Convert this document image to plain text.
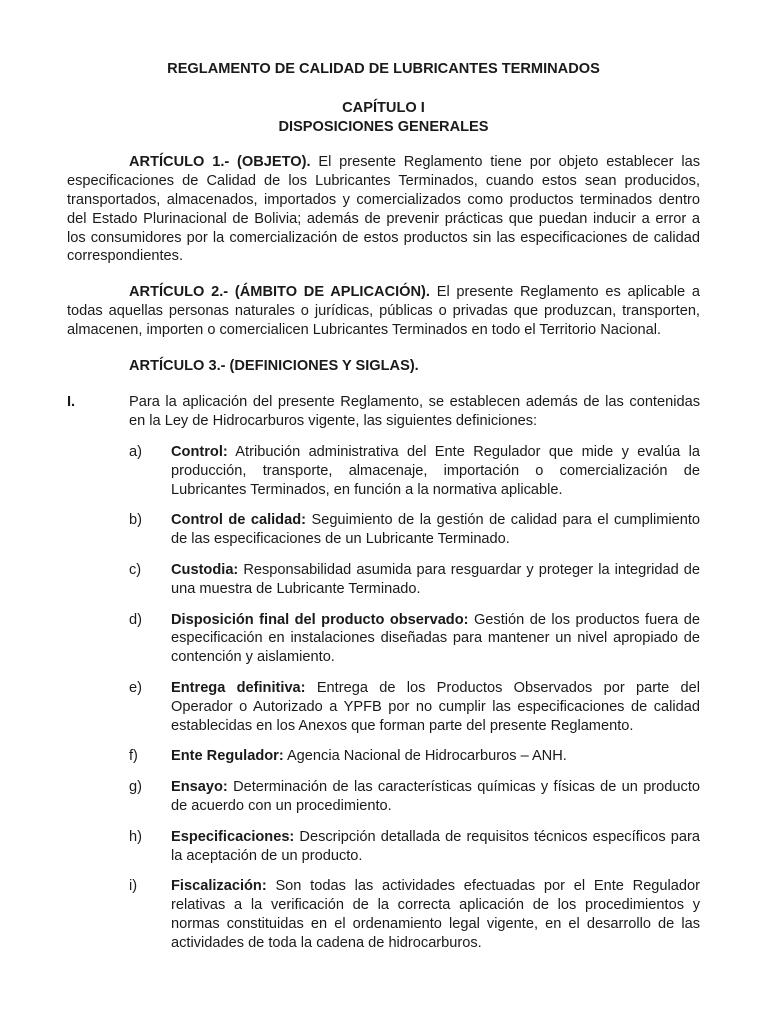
REGLAMENTO DE CALIDAD DE LUBRICANTES TERMINADOS
CAPÍTULO I
DISPOSICIONES GENERALES

ARTÍCULO 1.- (OBJETO). El presente Reglamento tiene por objeto establecer las especificaciones de Calidad de los Lubricantes Terminados, cuando estos sean producidos, transportados, almacenados, importados y comercializados como productos terminados dentro del Estado Plurinacional de Bolivia; además de prevenir prácticas que puedan inducir a error a los consumidores por la comercialización de estos productos sin las especificaciones de calidad correspondientes.

ARTÍCULO 2.- (ÁMBITO DE APLICACIÓN). El presente Reglamento es aplicable a todas aquellas personas naturales o jurídicas, públicas o privadas que produzcan, transporten, almacenen, importen o comercialicen Lubricantes Terminados en todo el Territorio Nacional.

ARTÍCULO 3.- (DEFINICIONES Y SIGLAS).
I.	Para la aplicación del presente Reglamento, se establecen además de las contenidas en la Ley de Hidrocarburos vigente, las siguientes definiciones:
a)	Control: Atribución administrativa del Ente Regulador que mide y evalúa la producción, transporte, almacenaje, importación o comercialización de Lubricantes Terminados, en función a la normativa aplicable.
b)	Control de calidad: Seguimiento de la gestión de calidad para el cumplimiento de las especificaciones de un Lubricante Terminado.
c)	Custodia: Responsabilidad asumida para resguardar y proteger la integridad de una muestra de Lubricante Terminado.
d)	Disposición final del producto observado: Gestión de los productos fuera de especificación en instalaciones diseñadas para mantener un nivel apropiado de contención y aislamiento.
e)	Entrega definitiva: Entrega de los Productos Observados por parte del Operador o Autorizado a YPFB por no cumplir las especificaciones de calidad establecidas en los Anexos que forman parte del presente Reglamento.
f)	Ente Regulador: Agencia Nacional de Hidrocarburos – ANH.
g)	Ensayo: Determinación de las características químicas y físicas de un producto de acuerdo con un procedimiento.
h)	Especificaciones: Descripción detallada de requisitos técnicos específicos para la aceptación de un producto.
i)	Fiscalización: Son todas las actividades efectuadas por el Ente Regulador relativas a la verificación de la correcta aplicación de los procedimientos y normas constituidas en el ordenamiento legal vigente, en el desarrollo de las actividades de toda la cadena de hidrocarburos.
